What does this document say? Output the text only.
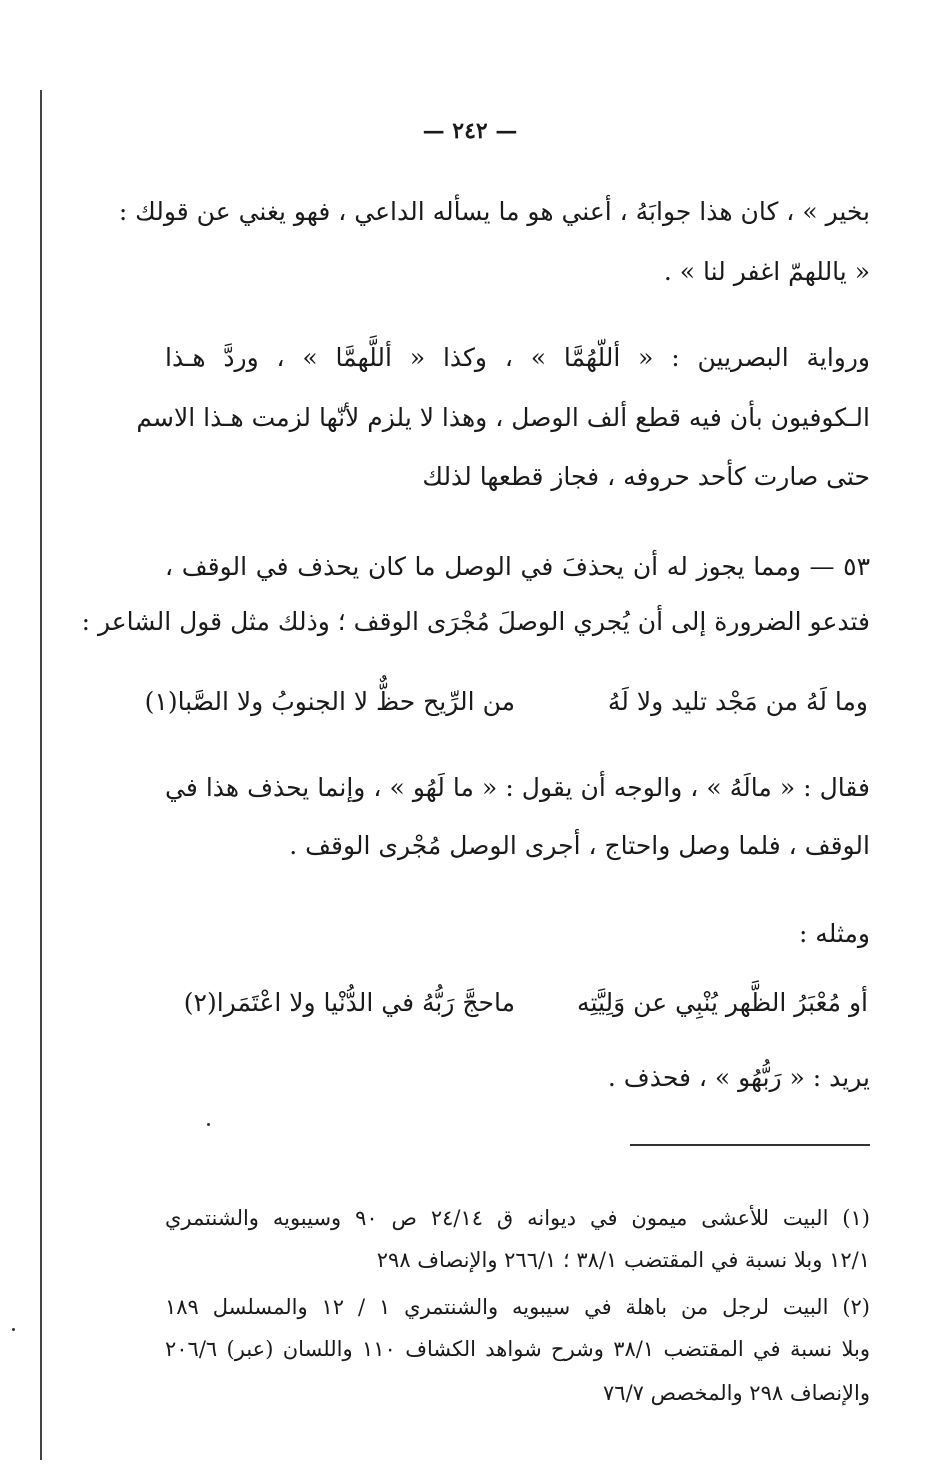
— ٢٤٢ —
بخير » ، كان هذا جوابَهُ ، أعني هو ما يسأله الداعي ، فهو يغني عن قولك :
« ياللهمّ اغفر لنا » .
ورواية البصريين : « أللّهُمَّا » ، وكذا « أللَّهمَّا » ، وردَّ هـذا
الـكوفيون بأن فيه قطع ألف الوصل ، وهذا لا يلزم لأنّها لزمت هـذا الاسم
حتى صارت كأحد حروفه ، فجاز قطعها لذلك
٥٣ — ومما يجوز له أن يحذفَ في الوصل ما كان يحذف في الوقف ،
فتدعو الضرورة إلى أن يُجري الوصلَ مُجْرَى الوقف ؛ وذلك مثل قول الشاعر :
وما لَهُ من مَجْد تليد ولا لَهُ
من الرِّيح حظٌّ لا الجنوبُ ولا الصَّبا(١)
فقال : « مالَهُ » ، والوجه أن يقول : « ما لَهُو » ، وإنما يحذف هذا في
الوقف ، فلما وصل واحتاج ، أجرى الوصل مُجْرى الوقف .
ومثله :
أو مُعْبَرُ الظَّهر يُنْبِي عن وَلِيَّتِه
ماحجَّ رَبُّهُ في الدُّنْيا ولا اعْتَمَرا(٢)
يريد : « رَبُّهُو » ، فحذف .
(١) البيت للأعشى ميمون في ديوانه ق ٢٤/١٤ ص ٩٠ وسيبويه والشنتمري
١٢/١ وبلا نسبة في المقتضب ٣٨/١ ؛ ٢٦٦/١ والإنصاف ٢٩٨
(٢) البيت لرجل من باهلة في سيبويه والشنتمري ١ / ١٢ والمسلسل ١٨٩
وبلا نسبة في المقتضب ٣٨/١ وشرح شواهد الكشاف ١١٠ واللسان (عبر) ٢٠٦/٦
والإنصاف ٢٩٨ والمخصص ٧٦/٧
